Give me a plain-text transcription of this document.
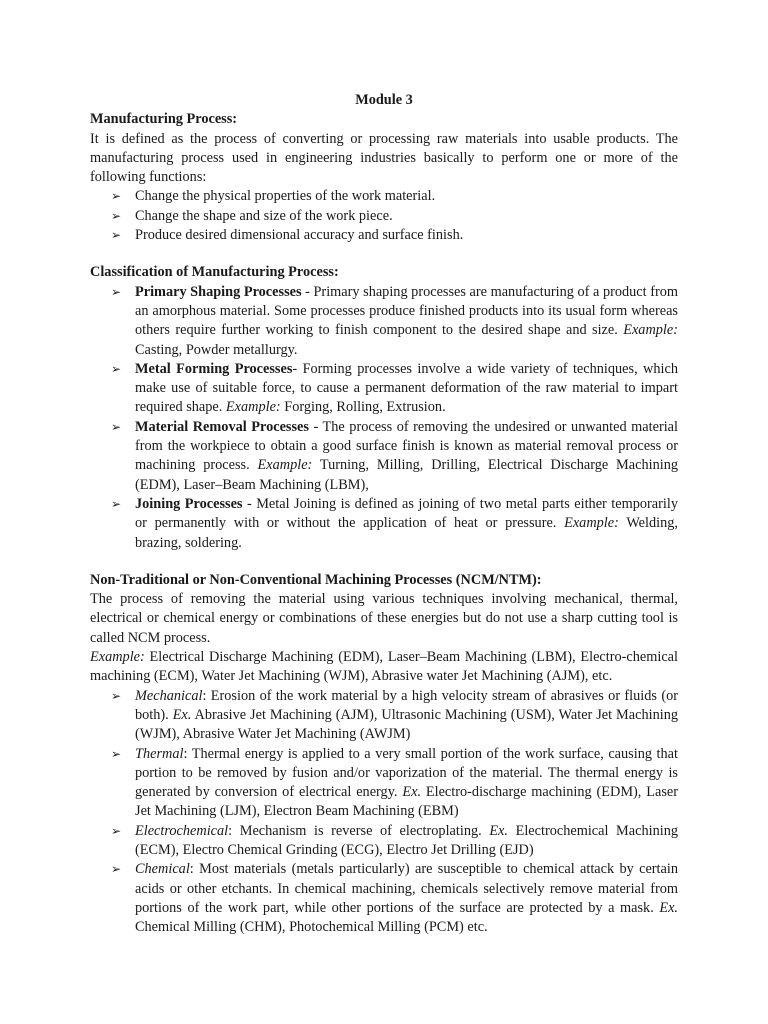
Module 3

Manufacturing Process:

It is defined as the process of converting or processing raw materials into usable products. The manufacturing process used in engineering industries basically to perform one or more of the following functions:

➢ Change the physical properties of the work material.
➢ Change the shape and size of the work piece.
➢ Produce desired dimensional accuracy and surface finish.

Classification of Manufacturing Process:

➢ Primary Shaping Processes - Primary shaping processes are manufacturing of a product from an amorphous material. Some processes produce finished products into its usual form whereas others require further working to finish component to the desired shape and size. Example: Casting, Powder metallurgy.
➢ Metal Forming Processes- Forming processes involve a wide variety of techniques, which make use of suitable force, to cause a permanent deformation of the raw material to impart required shape. Example: Forging, Rolling, Extrusion.
➢ Material Removal Processes - The process of removing the undesired or unwanted material from the workpiece to obtain a good surface finish is known as material removal process or machining process. Example: Turning, Milling, Drilling, Electrical Discharge Machining (EDM), Laser–Beam Machining (LBM),
➢ Joining Processes - Metal Joining is defined as joining of two metal parts either temporarily or permanently with or without the application of heat or pressure. Example: Welding, brazing, soldering.

Non-Traditional or Non-Conventional Machining Processes (NCM/NTM):

The process of removing the material using various techniques involving mechanical, thermal, electrical or chemical energy or combinations of these energies but do not use a sharp cutting tool is called NCM process.

Example: Electrical Discharge Machining (EDM), Laser–Beam Machining (LBM), Electro-chemical machining (ECM), Water Jet Machining (WJM), Abrasive water Jet Machining (AJM), etc.

➢ Mechanical: Erosion of the work material by a high velocity stream of abrasives or fluids (or both). Ex. Abrasive Jet Machining (AJM), Ultrasonic Machining (USM), Water Jet Machining (WJM), Abrasive Water Jet Machining (AWJM)
➢ Thermal: Thermal energy is applied to a very small portion of the work surface, causing that portion to be removed by fusion and/or vaporization of the material. The thermal energy is generated by conversion of electrical energy. Ex. Electro-discharge machining (EDM), Laser Jet Machining (LJM), Electron Beam Machining (EBM)
➢ Electrochemical: Mechanism is reverse of electroplating. Ex. Electrochemical Machining (ECM), Electro Chemical Grinding (ECG), Electro Jet Drilling (EJD)
➢ Chemical: Most materials (metals particularly) are susceptible to chemical attack by certain acids or other etchants. In chemical machining, chemicals selectively remove material from portions of the work part, while other portions of the surface are protected by a mask. Ex. Chemical Milling (CHM), Photochemical Milling (PCM) etc.
